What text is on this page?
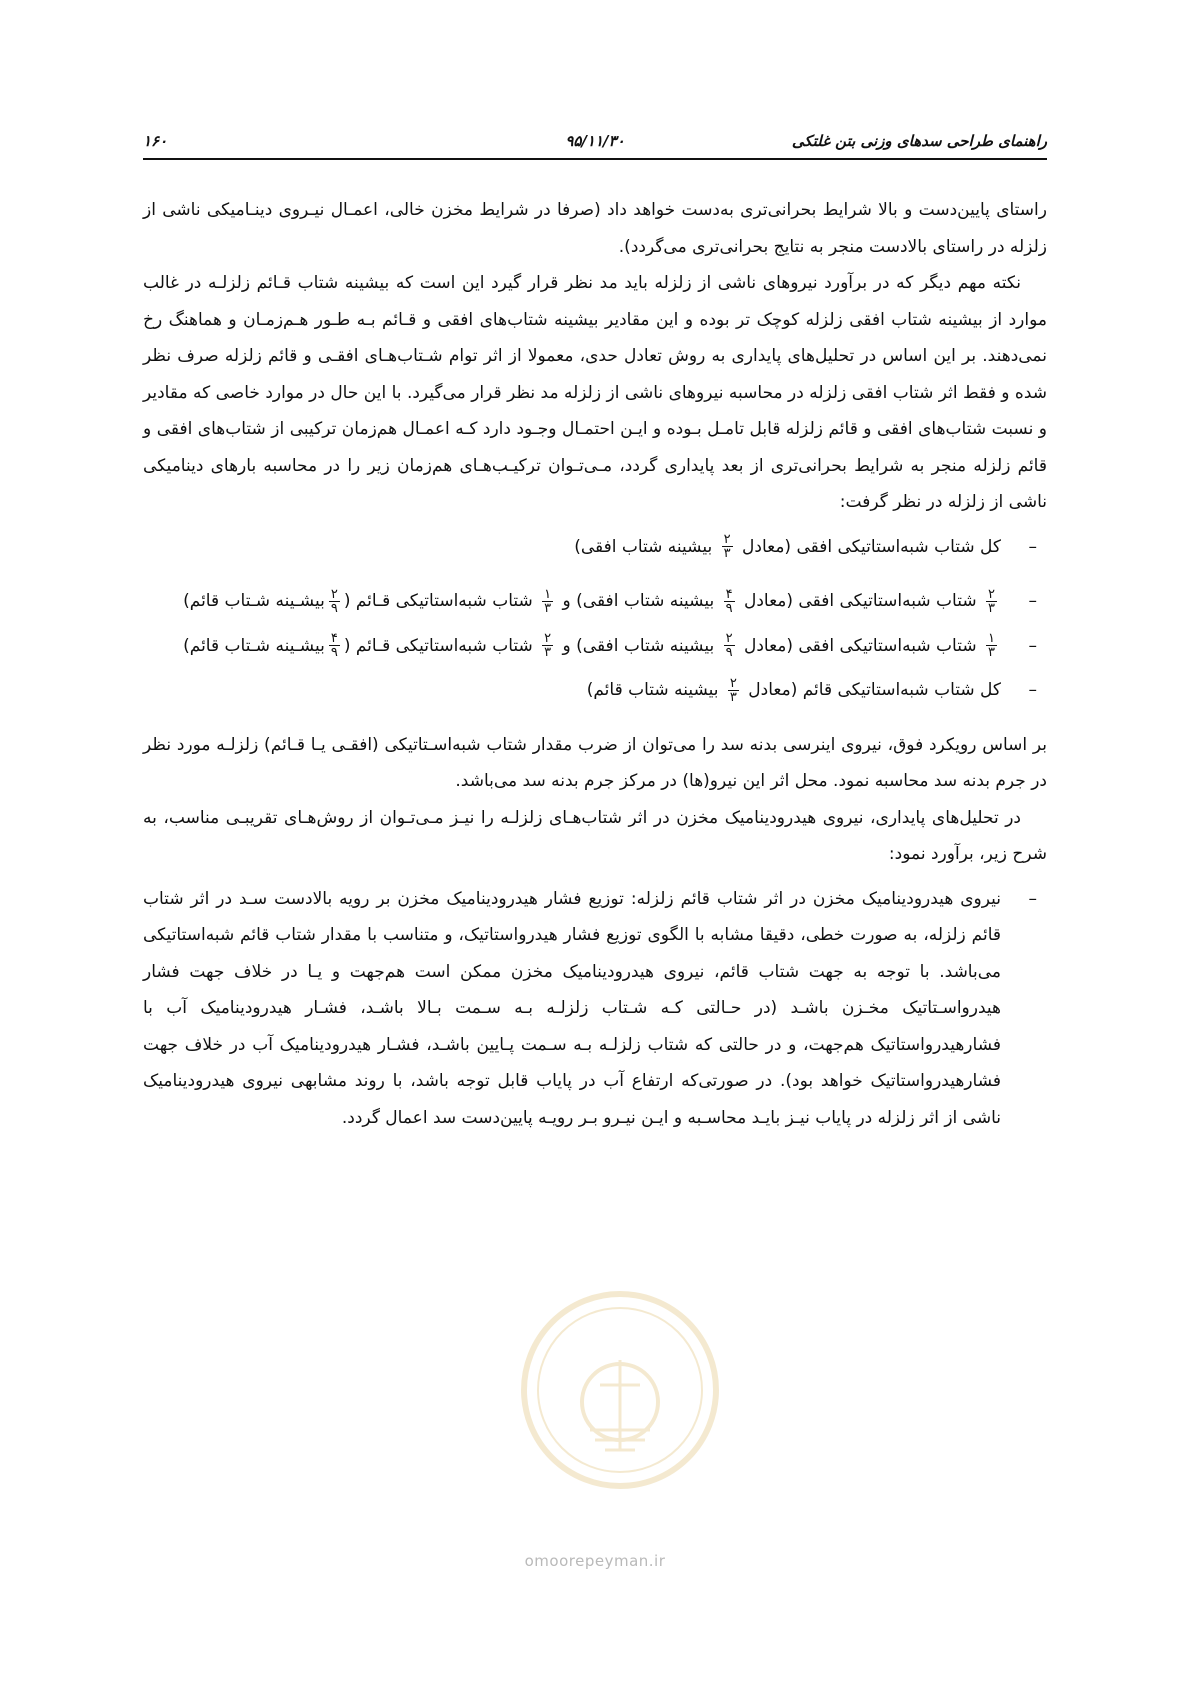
راهنمای طراحی سدهای وزنی بتن غلتکی
۹۵/۱۱/۳۰
۱۶۰

راستای پایین‌دست و بالا شرایط بحرانی‌تری به‌دست خواهد داد (صرفا در شرایط مخزن خالی، اعمـال نیـروی دینـامیکی ناشی از زلزله در راستای بالادست منجر به نتایج بحرانی‌تری می‌گردد).

نکته مهم دیگر که در برآورد نیروهای ناشی از زلزله باید مد نظر قرار گیرد این است که بیشینه شتاب قـائم زلزلـه در غالب موارد از بیشینه شتاب افقی زلزله کوچک تر بوده و این مقادیر بیشینه شتاب‌های افقی و قـائم بـه طـور هـم‌زمـان و هماهنگ رخ نمی‌دهند. بر این اساس در تحلیل‌های پایداری به روش تعادل حدی، معمولا از اثر توام شـتاب‌هـای افقـی و قائم زلزله صرف نظر شده و فقط اثر شتاب افقی زلزله در محاسبه نیروهای ناشی از زلزله مد نظر قرار می‌گیرد. با این حال در موارد خاصی که مقادیر و نسبت شتاب‌های افقی و قائم زلزله قابل تامـل بـوده و ایـن احتمـال وجـود دارد کـه اعمـال هم‌زمان ترکیبی از شتاب‌های افقی و قائم زلزله منجر به شرایط بحرانی‌تری از بعد پایداری گردد، مـی‌تـوان ترکیـب‌هـای هم‌زمان زیر را در محاسبه بارهای دینامیکی ناشی از زلزله در نظر گرفت:

–
کل شتاب شبه‌استاتیکی افقی (معادل
$\frac{۲}{۳}$
بیشینه شتاب افقی)
–
$\frac{۲}{۳}$
شتاب شبه‌استاتیکی افقی (معادل
$\frac{۴}{۹}$
بیشینه شتاب افقی) و
$\frac{۱}{۳}$
شتاب شبه‌استاتیکی قـائم (
$\frac{۲}{۹}$
بیشـینه شـتاب قائم)
–
$\frac{۱}{۳}$
شتاب شبه‌استاتیکی افقی (معادل
$\frac{۲}{۹}$
بیشینه شتاب افقی) و
$\frac{۲}{۳}$
شتاب شبه‌استاتیکی قـائم (
$\frac{۴}{۹}$
بیشـینه شـتاب قائم)
–
کل شتاب شبه‌استاتیکی قائم (معادل
$\frac{۲}{۳}$
بیشینه شتاب قائم)

بر اساس رویکرد فوق، نیروی اینرسی بدنه سد را می‌توان از ضرب مقدار شتاب شبه‌اسـتاتیکی (افقـی یـا قـائم) زلزلـه مورد نظر در جرم بدنه سد محاسبه نمود. محل اثر این نیرو(ها) در مرکز جرم بدنه سد می‌باشد.

در تحلیل‌های پایداری، نیروی هیدرودینامیک مخزن در اثر شتاب‌هـای زلزلـه را نیـز مـی‌تـوان از روش‌هـای تقریبـی مناسب، به شرح زیر، برآورد نمود:

–
نیروی هیدرودینامیک مخزن در اثر شتاب قائم زلزله: توزیع فشار هیدرودینامیک مخزن بر رویه بالادست سـد در اثر شتاب قائم زلزله، به صورت خطی، دقیقا مشابه با الگوی توزیع فشار هیدرواستاتیک، و متناسب با مقدار شتاب قائم شبه‌استاتیکی می‌باشد. با توجه به جهت شتاب قائم، نیروی هیدرودینامیک مخزن ممکن است هم‌جهت و یـا در خلاف جهت فشار هیدرواسـتاتیک مخـزن باشـد (در حـالتی کـه شـتاب زلزلـه بـه سـمت بـالا باشـد، فشـار هیدرودینامیک آب با فشارهیدرواستاتیک هم‌جهت، و در حالتی که شتاب زلزلـه بـه سـمت پـایین باشـد، فشـار هیدرودینامیک آب در خلاف جهت فشارهیدرواستاتیک خواهد بود). در صورتی‌که ارتفاع آب در پایاب قابل توجه باشد، با روند مشابهی نیروی هیدرودینامیک ناشی از اثر زلزله در پایاب نیـز بایـد محاسـبه و ایـن نیـرو بـر رویـه پایین‌دست سد اعمال گردد.
omoorepeyman.ir
